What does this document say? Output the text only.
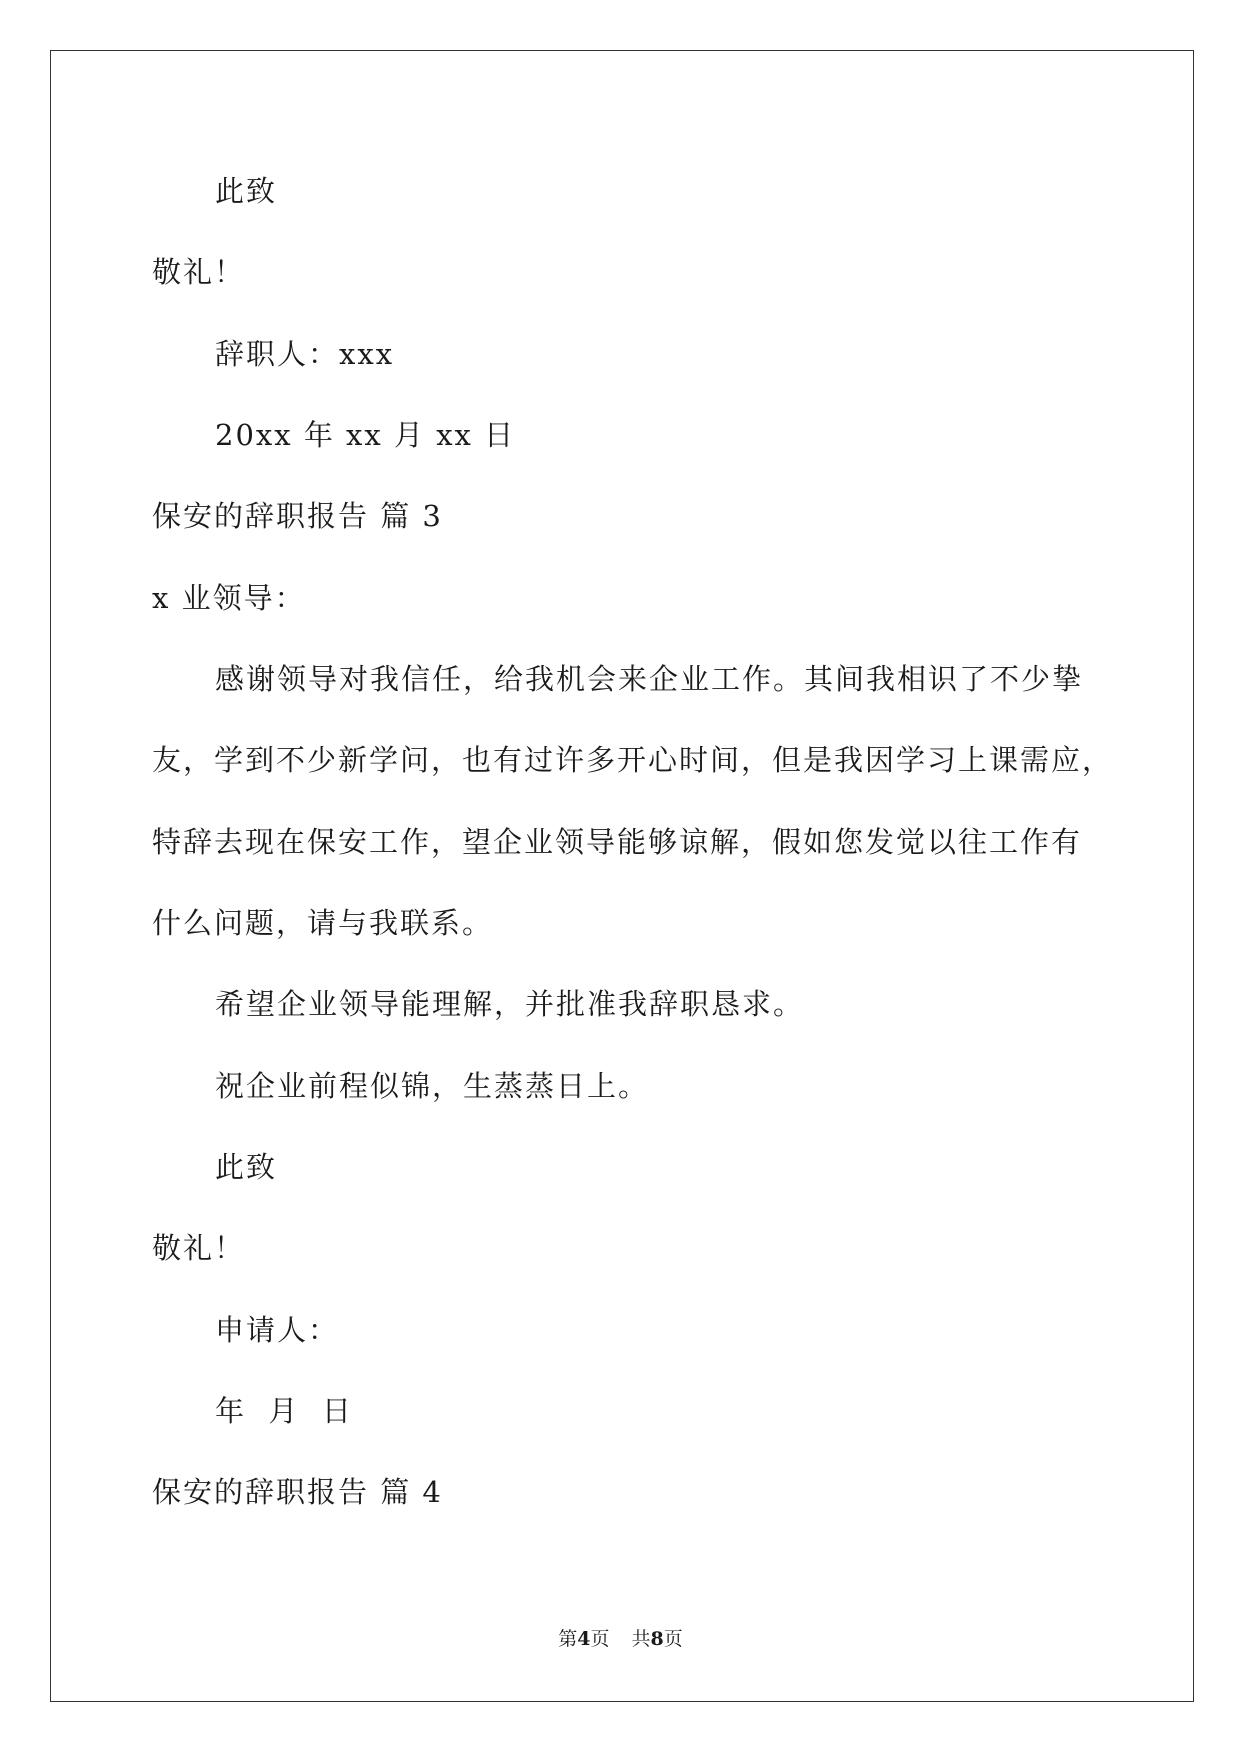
此致
敬礼！
辞职人：xxx
20xx 年 xx 月 xx 日
保安的辞职报告 篇 3
x 业领导：
感谢领导对我信任，给我机会来企业工作。其间我相识了不少挚
友，学到不少新学问，也有过许多开心时间，但是我因学习上课需应，
特辞去现在保安工作，望企业领导能够谅解，假如您发觉以往工作有
什么问题，请与我联系。
希望企业领导能理解，并批准我辞职恳求。
祝企业前程似锦，生蒸蒸日上。
此致
敬礼！
申请人：
年  月  日
保安的辞职报告 篇 4
第4页 共8页
